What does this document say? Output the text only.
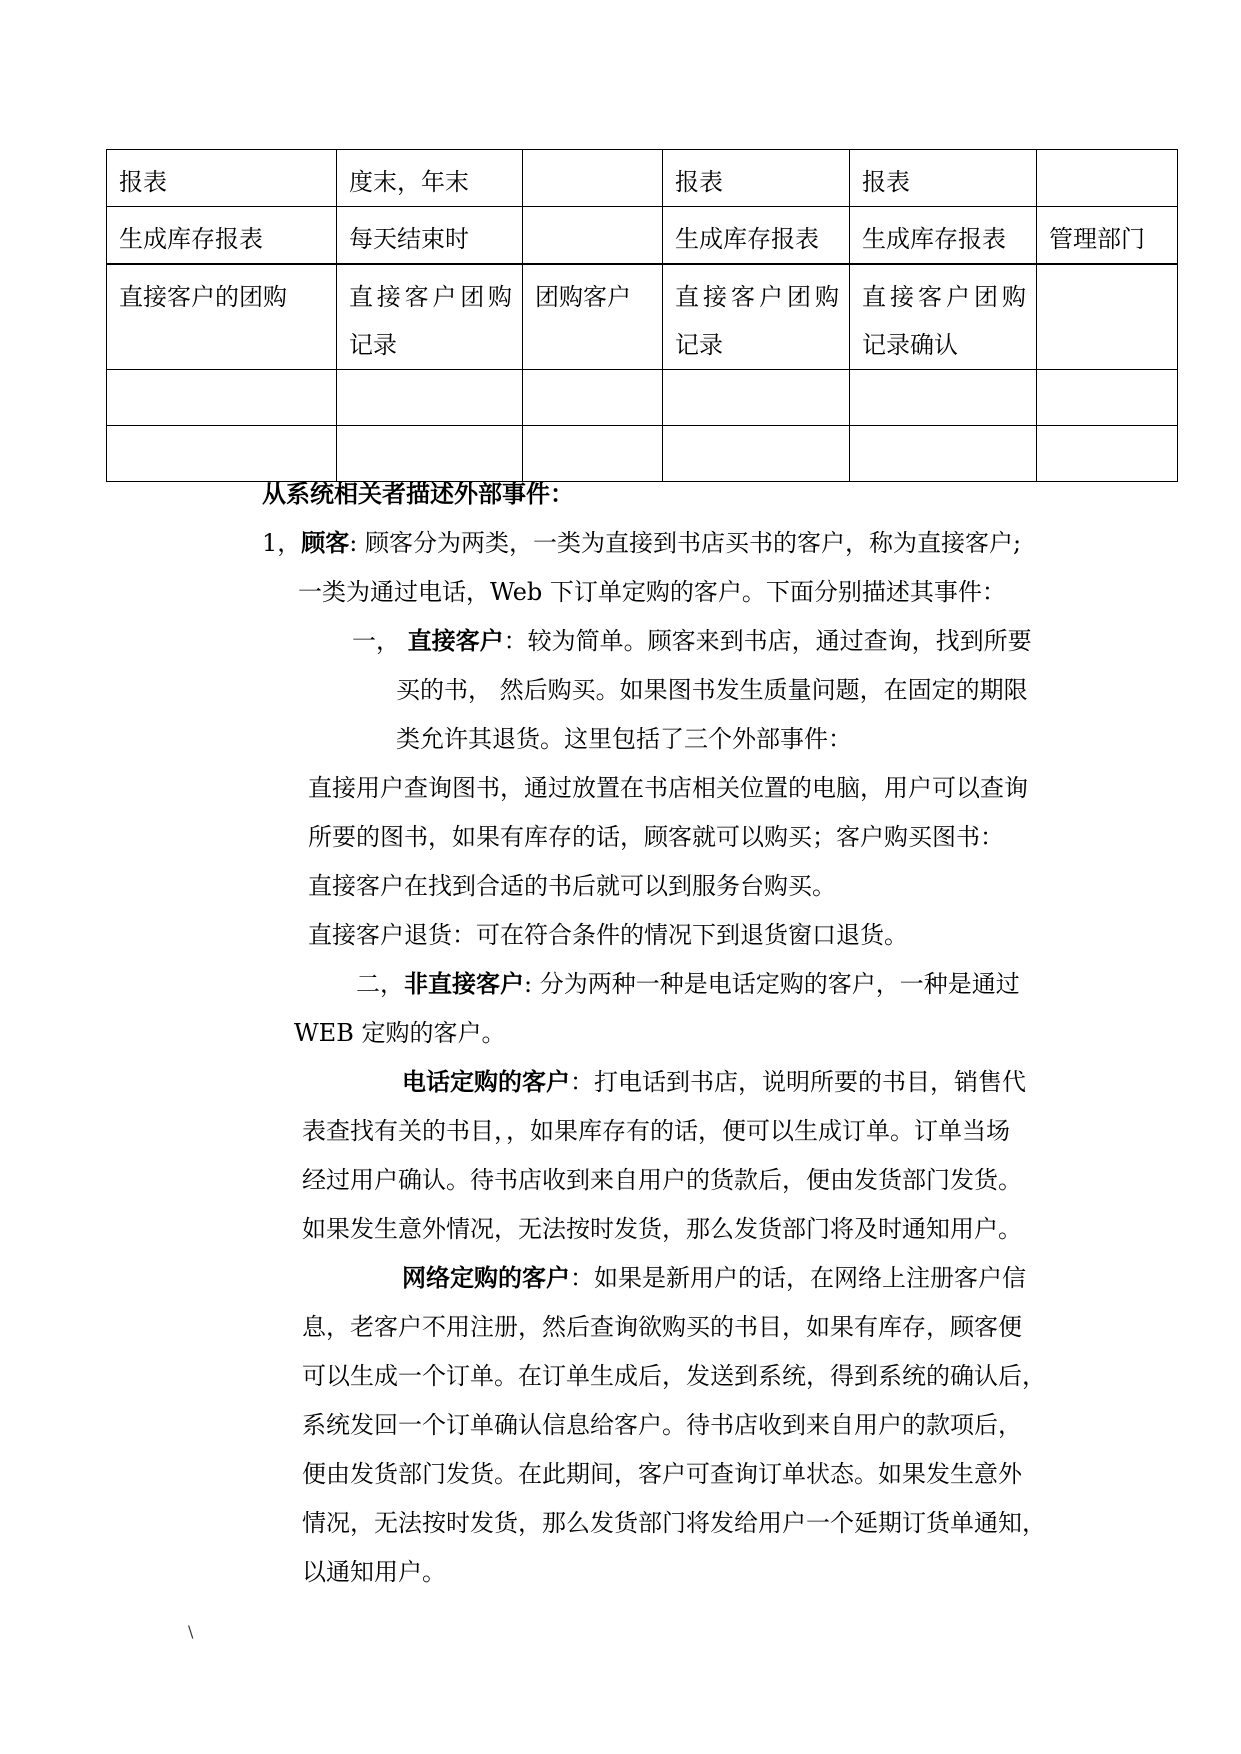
报表	度末，年末		报表	报表	
生成库存报表	每天结束时		生成库存报表	生成库存报表	管理部门
直接客户的团购	直接客户团购记录	团购客户	直接客户团购记录	直接客户团购记录确认	

从系统相关者描述外部事件：
1，顾客: 顾客分为两类，一类为直接到书店买书的客户，称为直接客户;
一类为通过电话，Web 下订单定购的客户。下面分别描述其事件：
一， 直接客户：较为简单。顾客来到书店，通过查询，找到所要
买的书， 然后购买。如果图书发生质量问题，在固定的期限
类允许其退货。这里包括了三个外部事件：
直接用户查询图书，通过放置在书店相关位置的电脑，用户可以查询
所要的图书，如果有库存的话，顾客就可以购买；客户购买图书：
直接客户在找到合适的书后就可以到服务台购买。
直接客户退货：可在符合条件的情况下到退货窗口退货。
二，非直接客户: 分为两种一种是电话定购的客户，一种是通过
WEB 定购的客户。
电话定购的客户：打电话到书店，说明所要的书目，销售代
表查找有关的书目，，如果库存有的话，便可以生成订单。订单当场
经过用户确认。待书店收到来自用户的货款后，便由发货部门发货。
如果发生意外情况，无法按时发货，那么发货部门将及时通知用户。
网络定购的客户：如果是新用户的话，在网络上注册客户信
息，老客户不用注册，然后查询欲购买的书目，如果有库存，顾客便
可以生成一个订单。在订单生成后，发送到系统，得到系统的确认后，
系统发回一个订单确认信息给客户。待书店收到来自用户的款项后，
便由发货部门发货。在此期间，客户可查询订单状态。如果发生意外
情况，无法按时发货，那么发货部门将发给用户一个延期订货单通知，
以通知用户。
\
